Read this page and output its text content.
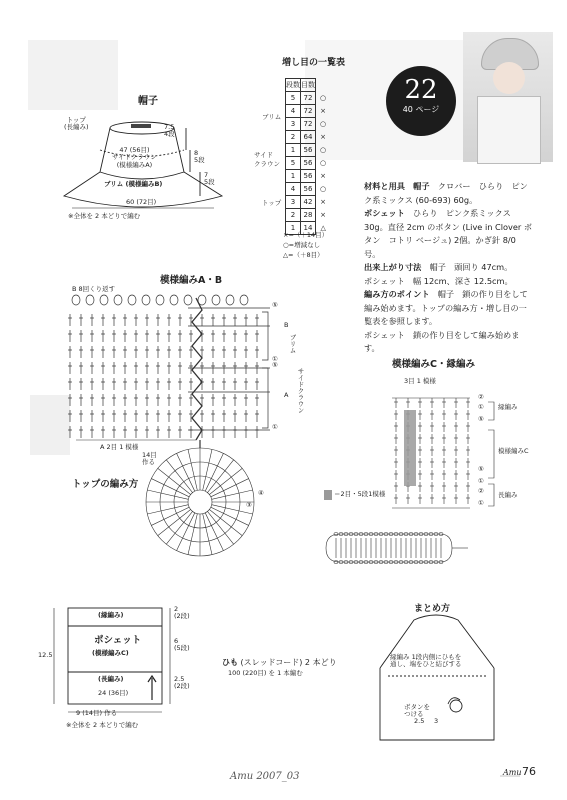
22
40 ページ
帽子
トップ
(長編み)	7.5
4段
47 (56目)
サイドクラウン
(模様編みA)
8
5段
7
5段
ブリム (模様編みB)
60 (72目)
※全体を 2 本どりで編む
増し目の一覧表
段数	目数	
5	72	○
4	72	×
3	72	○
2	64	×
1	56	○
5	56	○
1	56	×
4	56	○
3	42	×
2	28	×
1	14	△
ブリム
サイド
クラウン
トップ
×=（＋14目）
○=増減なし
△=（＋8目）

材料と用具　 帽子　 クロバー　ひらり　ピンク系ミックス (60-693) 60g。

ポシェット　 ひらり　ピンク系ミックス 30g。直径 2cm のボタン (Live in Clover ボタン　コトリ ベージュ) 2個。かぎ針 8/0 号。

出来上がり寸法　 帽子　頭回り 47cm。

ポシェット　幅 12cm、深さ 12.5cm。

編み方のポイント　 帽子　鎖の作り目をして編み始めます。トップの編み方・増し目の一覧表を参照します。

ポシェット　鎖の作り目をして編み始めます。

模様編みA・B
B 8回くり返す
B
ブリム
A サイドクラウン
⑤
①
⑤
①
A 2目 1 模様
トップの編み方
14目
作る
④
③
模様編みC・縁編み
3目 1 模様
縁編み
模様編みC
長編み
＝2目・5段1模様
②
①
⑤
⑤
①
②
①
(縁編み)
ポシェット
(模様編みC)
(長編み)
24 (36目)
12.5
2
(2段)
6
(5段)
2.5
(2段)
9 (14目) 作る
※全体を 2 本どりで編む
ひも (スレッドコード) 2 本どり
100 (220目) を 1 本編む
まとめ方
縁編み 1段内側にひもを
通し、端をひと結びする
ボタンを
つける
2.5 3
Amu 2007_03	Amu 76
